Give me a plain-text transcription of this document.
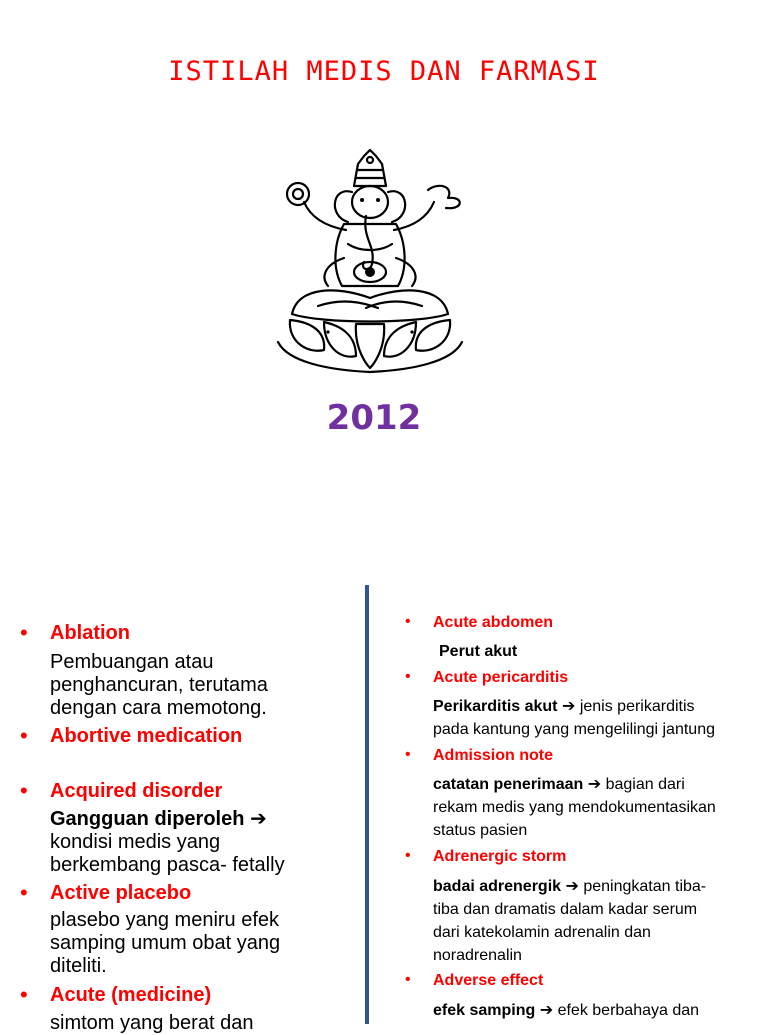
ISTILAH MEDIS DAN FARMASI
2012
• Ablation
Pembuangan atau
penghancuran, terutama
dengan cara memotong.
• Abortive medication
• Acquired disorder
Gangguan diperoleh ➔
kondisi medis yang
berkembang pasca- fetally
• Active placebo
plasebo yang meniru efek
samping umum obat yang
diteliti.
• Acute (medicine)
simtom yang berat dan
• Acute abdomen
Perut akut
• Acute pericarditis
Perikarditis akut ➔ jenis perikarditis
pada kantung yang mengelilingi jantung
• Admission note
catatan penerimaan ➔ bagian dari
rekam medis yang mendokumentasikan
status pasien
• Adrenergic storm
badai adrenergik ➔ peningkatan tiba-
tiba dan dramatis dalam kadar serum
dari katekolamin adrenalin dan
noradrenalin
• Adverse effect
efek samping ➔ efek berbahaya dan
